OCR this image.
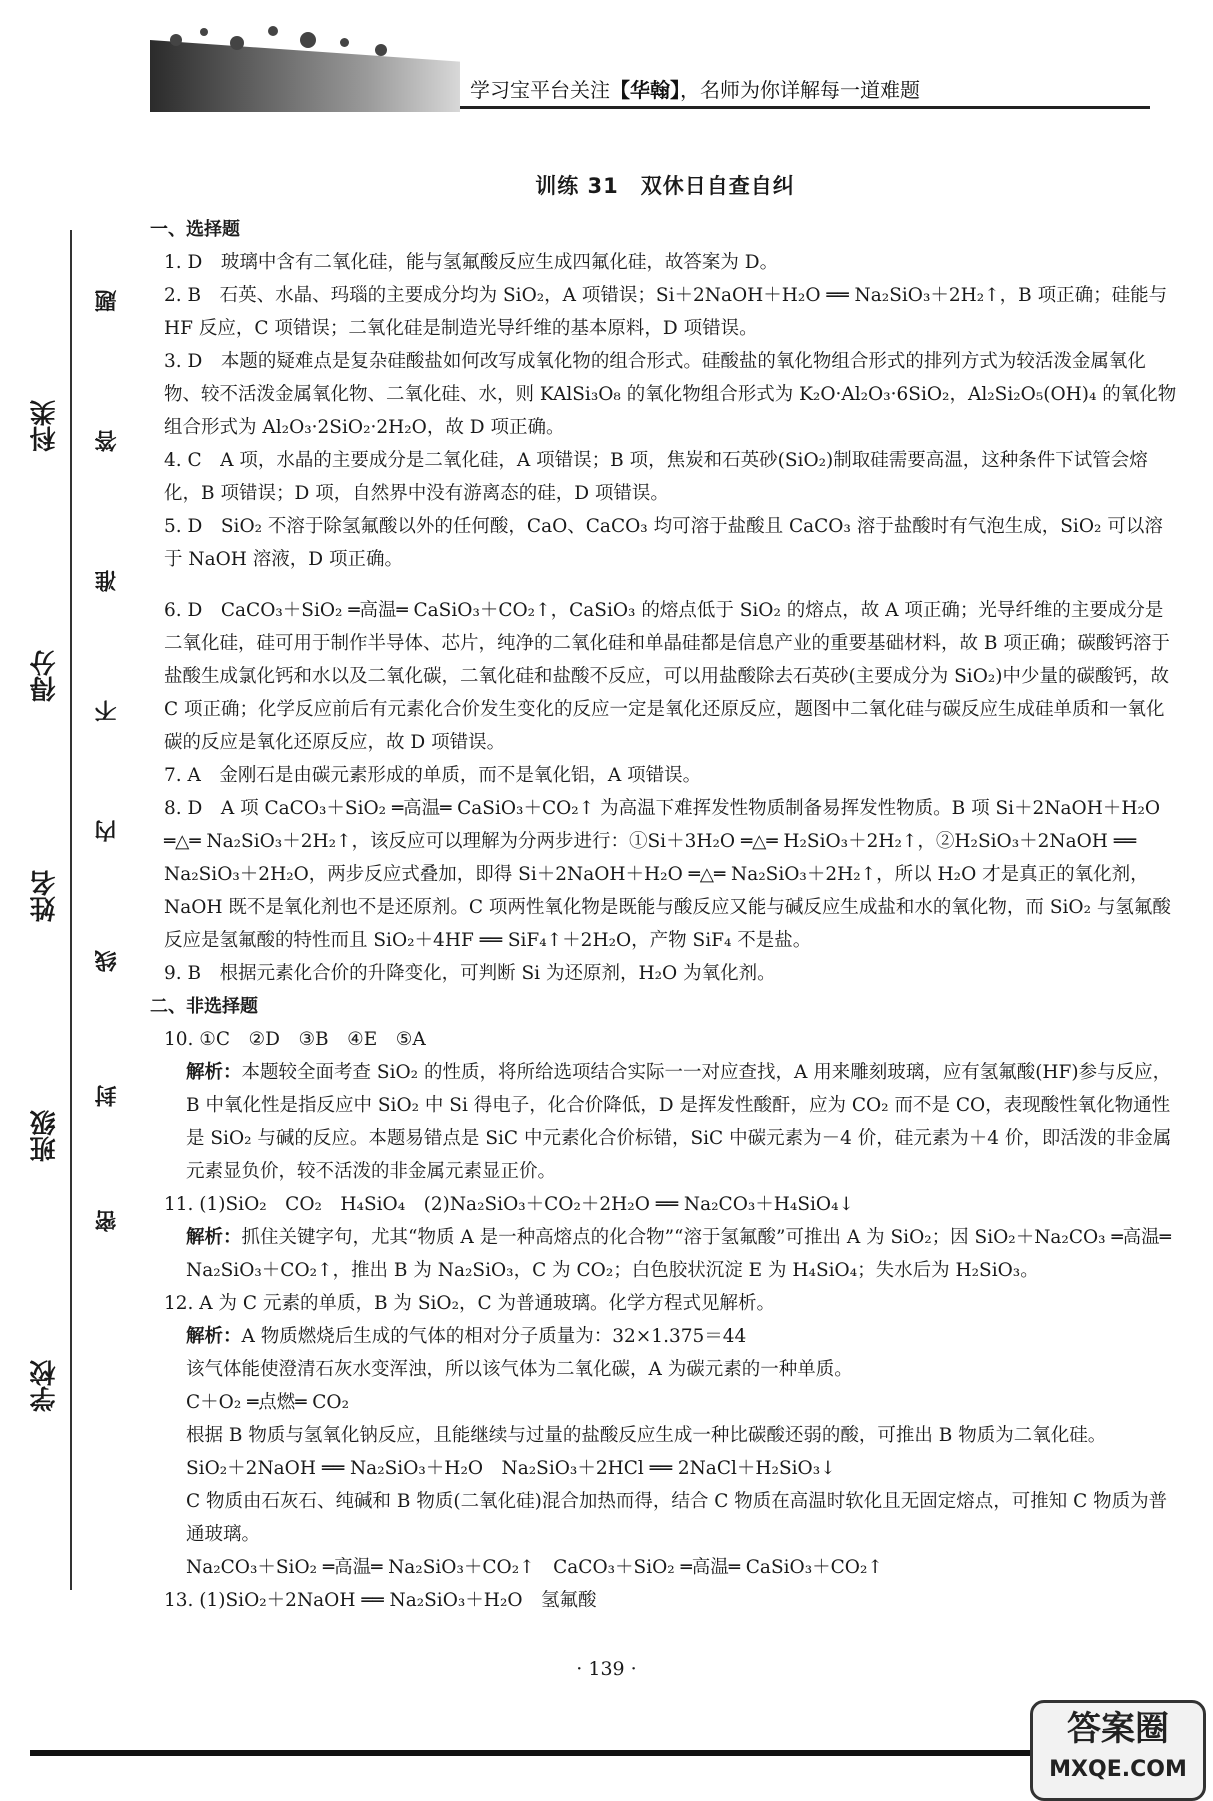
学习宝平台关注【华翰】，名师为你详解每一道难题
科类
得分
姓名
班级
学校
题
答
准
不
内
线
封
密

训练 31　双休日自查自纠

一、选择题

1. D　玻璃中含有二氧化硅，能与氢氟酸反应生成四氟化硅，故答案为 D。

2. B　石英、水晶、玛瑙的主要成分均为 SiO₂，A 项错误；Si＋2NaOH＋H₂O ══ Na₂SiO₃＋2H₂↑，B 项正确；硅能与 HF 反应，C 项错误；二氧化硅是制造光导纤维的基本原料，D 项错误。

3. D　本题的疑难点是复杂硅酸盐如何改写成氧化物的组合形式。硅酸盐的氧化物组合形式的排列方式为较活泼金属氧化物、较不活泼金属氧化物、二氧化硅、水，则 KAlSi₃O₈ 的氧化物组合形式为 K₂O·Al₂O₃·6SiO₂，Al₂Si₂O₅(OH)₄ 的氧化物组合形式为 Al₂O₃·2SiO₂·2H₂O，故 D 项正确。

4. C　A 项，水晶的主要成分是二氧化硅，A 项错误；B 项，焦炭和石英砂(SiO₂)制取硅需要高温，这种条件下试管会熔化，B 项错误；D 项，自然界中没有游离态的硅，D 项错误。

5. D　SiO₂ 不溶于除氢氟酸以外的任何酸，CaO、CaCO₃ 均可溶于盐酸且 CaCO₃ 溶于盐酸时有气泡生成，SiO₂ 可以溶于 NaOH 溶液，D 项正确。

6. D　CaCO₃＋SiO₂ ═高温═ CaSiO₃＋CO₂↑，CaSiO₃ 的熔点低于 SiO₂ 的熔点，故 A 项正确；光导纤维的主要成分是二氧化硅，硅可用于制作半导体、芯片，纯净的二氧化硅和单晶硅都是信息产业的重要基础材料，故 B 项正确；碳酸钙溶于盐酸生成氯化钙和水以及二氧化碳，二氧化硅和盐酸不反应，可以用盐酸除去石英砂(主要成分为 SiO₂)中少量的碳酸钙，故 C 项正确；化学反应前后有元素化合价发生变化的反应一定是氧化还原反应，题图中二氧化硅与碳反应生成硅单质和一氧化碳的反应是氧化还原反应，故 D 项错误。

7. A　金刚石是由碳元素形成的单质，而不是氧化铝，A 项错误。

8. D　A 项 CaCO₃＋SiO₂ ═高温═ CaSiO₃＋CO₂↑ 为高温下难挥发性物质制备易挥发性物质。B 项 Si＋2NaOH＋H₂O ═△═ Na₂SiO₃＋2H₂↑，该反应可以理解为分两步进行：①Si＋3H₂O ═△═ H₂SiO₃＋2H₂↑，②H₂SiO₃＋2NaOH ══ Na₂SiO₃＋2H₂O，两步反应式叠加，即得 Si＋2NaOH＋H₂O ═△═ Na₂SiO₃＋2H₂↑，所以 H₂O 才是真正的氧化剂，NaOH 既不是氧化剂也不是还原剂。C 项两性氧化物是既能与酸反应又能与碱反应生成盐和水的氧化物，而 SiO₂ 与氢氟酸反应是氢氟酸的特性而且 SiO₂＋4HF ══ SiF₄↑＋2H₂O，产物 SiF₄ 不是盐。

9. B　根据元素化合价的升降变化，可判断 Si 为还原剂，H₂O 为氧化剂。

二、非选择题

10. ①C　②D　③B　④E　⑤A

解析：本题较全面考查 SiO₂ 的性质，将所给选项结合实际一一对应查找，A 用来雕刻玻璃，应有氢氟酸(HF)参与反应，B 中氧化性是指反应中 SiO₂ 中 Si 得电子，化合价降低，D 是挥发性酸酐，应为 CO₂ 而不是 CO，表现酸性氧化物通性是 SiO₂ 与碱的反应。本题易错点是 SiC 中元素化合价标错，SiC 中碳元素为－4 价，硅元素为＋4 价，即活泼的非金属元素显负价，较不活泼的非金属元素显正价。

11. (1)SiO₂　CO₂　H₄SiO₄　(2)Na₂SiO₃＋CO₂＋2H₂O ══ Na₂CO₃＋H₄SiO₄↓

解析：抓住关键字句，尤其“物质 A 是一种高熔点的化合物”“溶于氢氟酸”可推出 A 为 SiO₂；因 SiO₂＋Na₂CO₃ ═高温═ Na₂SiO₃＋CO₂↑，推出 B 为 Na₂SiO₃，C 为 CO₂；白色胶状沉淀 E 为 H₄SiO₄；失水后为 H₂SiO₃。

12. A 为 C 元素的单质，B 为 SiO₂，C 为普通玻璃。化学方程式见解析。

解析：A 物质燃烧后生成的气体的相对分子质量为：32×1.375＝44

该气体能使澄清石灰水变浑浊，所以该气体为二氧化碳，A 为碳元素的一种单质。

C＋O₂ ═点燃═ CO₂

根据 B 物质与氢氧化钠反应，且能继续与过量的盐酸反应生成一种比碳酸还弱的酸，可推出 B 物质为二氧化硅。

SiO₂＋2NaOH ══ Na₂SiO₃＋H₂O　Na₂SiO₃＋2HCl ══ 2NaCl＋H₂SiO₃↓

C 物质由石灰石、纯碱和 B 物质(二氧化硅)混合加热而得，结合 C 物质在高温时软化且无固定熔点，可推知 C 物质为普通玻璃。

Na₂CO₃＋SiO₂ ═高温═ Na₂SiO₃＋CO₂↑　CaCO₃＋SiO₂ ═高温═ CaSiO₃＋CO₂↑

13. (1)SiO₂＋2NaOH ══ Na₂SiO₃＋H₂O　氢氟酸

· 139 ·
答案圈
MXQE.COM
